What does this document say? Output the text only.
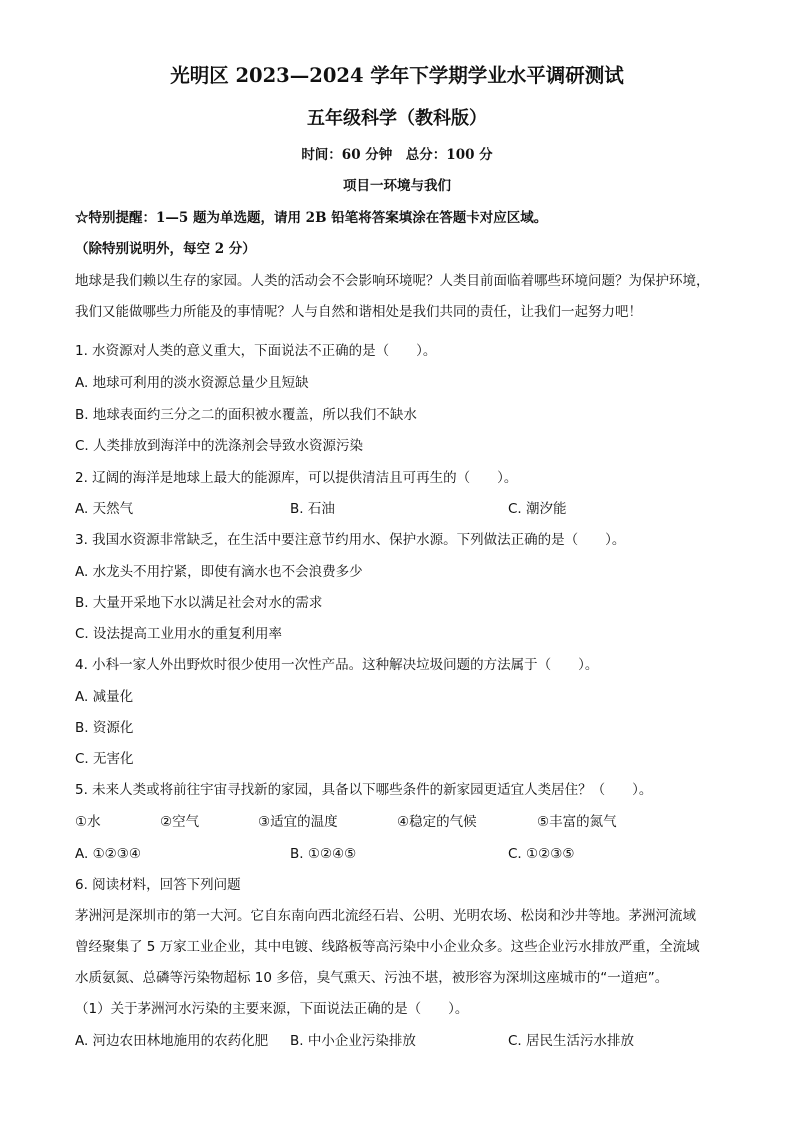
光明区 2023—2024 学年下学期学业水平调研测试
五年级科学（教科版）
时间：60 分钟　总分：100 分
项目一环境与我们
☆特别提醒：1—5 题为单选题，请用 2B 铅笔将答案填涂在答题卡对应区域。
（除特别说明外，每空 2 分）
地球是我们赖以生存的家园。人类的活动会不会影响环境呢？人类目前面临着哪些环境问题？为保护环境，
我们又能做哪些力所能及的事情呢？人与自然和谐相处是我们共同的责任，让我们一起努力吧！
1. 水资源对人类的意义重大，下面说法不正确的是（　　）。
A. 地球可利用的淡水资源总量少且短缺
B. 地球表面约三分之二的面积被水覆盖，所以我们不缺水
C. 人类排放到海洋中的洗涤剂会导致水资源污染
2. 辽阔的海洋是地球上最大的能源库，可以提供清洁且可再生的（　　）。
A. 天然气	B. 石油	C. 潮汐能
3. 我国水资源非常缺乏，在生活中要注意节约用水、保护水源。下列做法正确的是（　　）。
A. 水龙头不用拧紧，即使有滴水也不会浪费多少
B. 大量开采地下水以满足社会对水的需求
C. 设法提高工业用水的重复利用率
4. 小科一家人外出野炊时很少使用一次性产品。这种解决垃圾问题的方法属于（　　）。
A. 减量化
B. 资源化
C. 无害化
5. 未来人类或将前往宇宙寻找新的家园，具备以下哪些条件的新家园更适宜人类居住？（　　）。
①水	②空气	③适宜的温度	④稳定的气候	⑤丰富的氮气
A. ①②③④	B. ①②④⑤	C. ①②③⑤
6. 阅读材料，回答下列问题
茅洲河是深圳市的第一大河。它自东南向西北流经石岩、公明、光明农场、松岗和沙井等地。茅洲河流域
曾经聚集了 5 万家工业企业，其中电镀、线路板等高污染中小企业众多。这些企业污水排放严重，全流域
水质氨氮、总磷等污染物超标 10 多倍，臭气熏天、污浊不堪，被形容为深圳这座城市的“一道疤”。
（1）关于茅洲河水污染的主要来源，下面说法正确的是（　　）。
A. 河边农田林地施用的农药化肥 B. 中小企业污染排放	C. 居民生活污水排放
